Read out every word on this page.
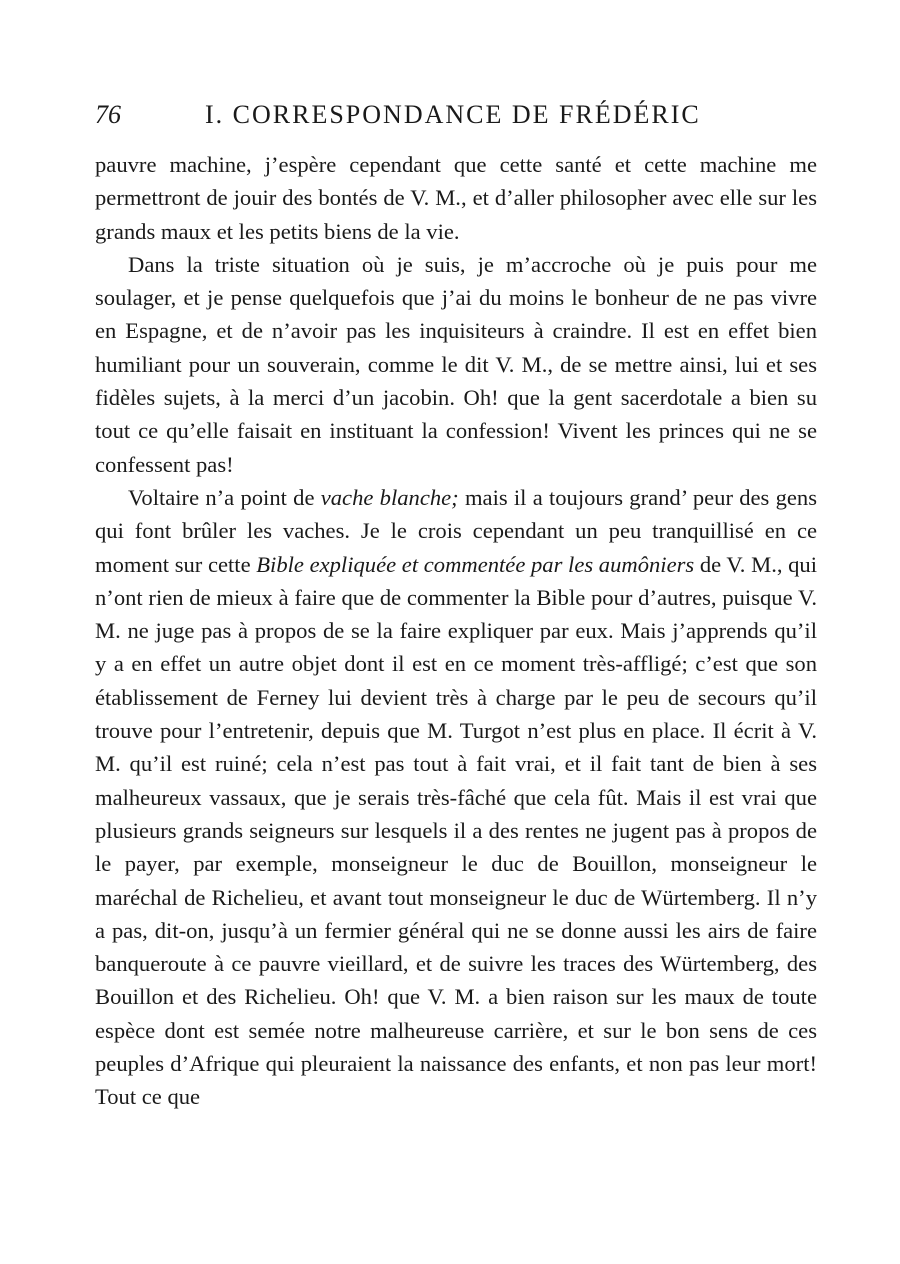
76	I. CORRESPONDANCE DE FRÉDÉRIC

pauvre machine, j’espère cependant que cette santé et cette machine me permettront de jouir des bontés de V. M., et d’aller philosopher avec elle sur les grands maux et les petits biens de la vie.

Dans la triste situation où je suis, je m’accroche où je puis pour me soulager, et je pense quelquefois que j’ai du moins le bonheur de ne pas vivre en Espagne, et de n’avoir pas les inquisiteurs à craindre. Il est en effet bien humiliant pour un souverain, comme le dit V. M., de se mettre ainsi, lui et ses fidèles sujets, à la merci d’un jacobin. Oh! que la gent sacerdotale a bien su tout ce qu’elle faisait en instituant la confession! Vivent les princes qui ne se confessent pas!

Voltaire n’a point de vache blanche; mais il a toujours grand’ peur des gens qui font brûler les vaches. Je le crois cependant un peu tranquillisé en ce moment sur cette Bible expliquée et commentée par les aumôniers de V. M., qui n’ont rien de mieux à faire que de commenter la Bible pour d’autres, puisque V. M. ne juge pas à propos de se la faire expliquer par eux. Mais j’apprends qu’il y a en effet un autre objet dont il est en ce moment très-affligé; c’est que son établissement de Ferney lui devient très à charge par le peu de secours qu’il trouve pour l’entretenir, depuis que M. Turgot n’est plus en place. Il écrit à V. M. qu’il est ruiné; cela n’est pas tout à fait vrai, et il fait tant de bien à ses malheureux vassaux, que je serais très-fâché que cela fût. Mais il est vrai que plusieurs grands seigneurs sur lesquels il a des rentes ne jugent pas à propos de le payer, par exemple, monseigneur le duc de Bouillon, monseigneur le maréchal de Richelieu, et avant tout monseigneur le duc de Würtemberg. Il n’y a pas, dit-on, jusqu’à un fermier général qui ne se donne aussi les airs de faire banqueroute à ce pauvre vieillard, et de suivre les traces des Würtemberg, des Bouillon et des Richelieu. Oh! que V. M. a bien raison sur les maux de toute espèce dont est semée notre malheureuse carrière, et sur le bon sens de ces peuples d’Afrique qui pleuraient la naissance des enfants, et non pas leur mort! Tout ce que
